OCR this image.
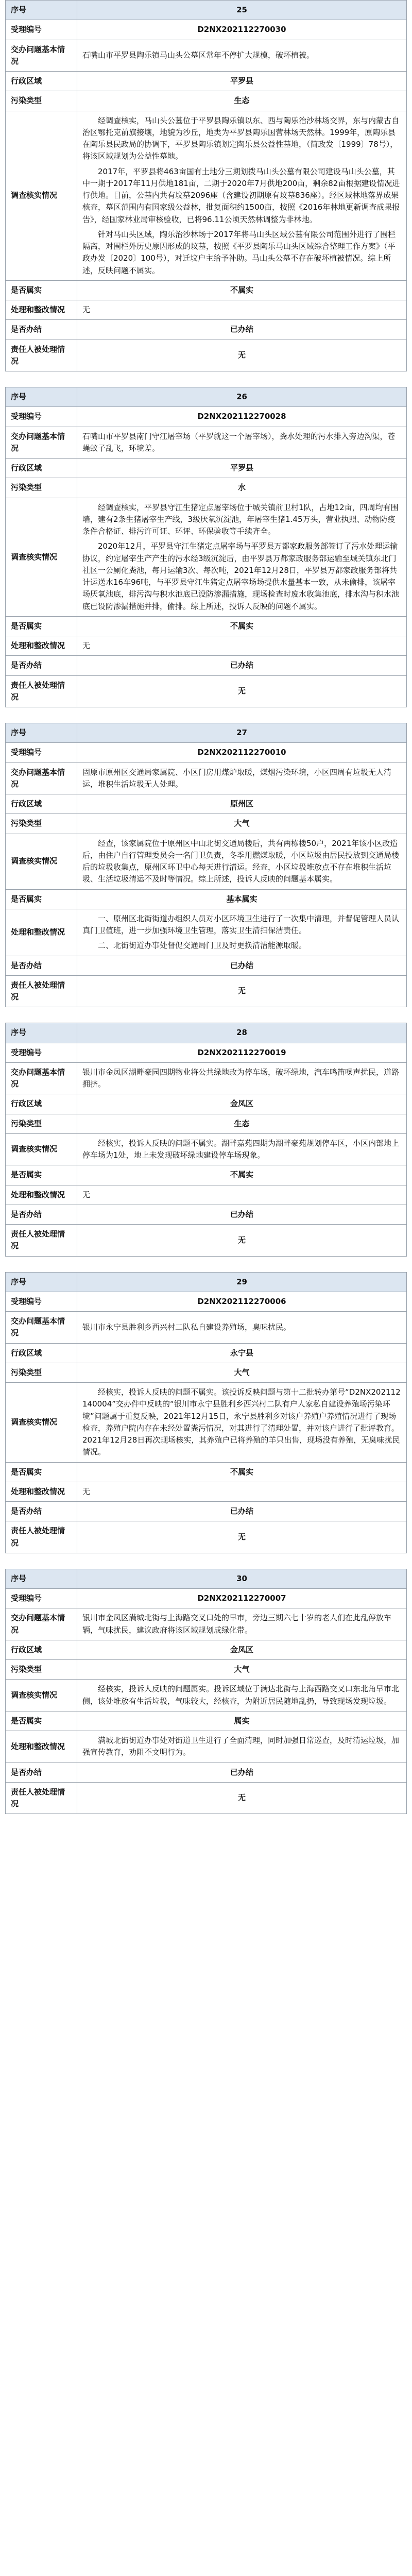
序号	25
受理编号	D2NX202112270030
交办问题基本情况	石嘴山市平罗县陶乐镇马山头公墓区常年不停扩大规模，破坏植被。
行政区域	平罗县
污染类型	生态
调查核实情况	经调查核实，马山头公墓位于平罗县陶乐镇以东、西与陶乐治沙林场交界，东与内蒙古自治区鄂托克前旗接壤，地貌为沙丘，地类为平罗县陶乐国营林场天然林。1999年，原陶乐县在陶乐县民政局的协调下，平罗县陶乐镇划定陶乐县公益性墓地，（简政发〔1999〕78号），将该区域规划为公益性墓地。

2017年，平罗县将463亩国有土地分三期划拨马山头公墓有限公司建设马山头公墓，其中一期于2017年11月供地181亩，二期于2020年7月供地200亩，剩余82亩根据建设情况进行供地。目前，公墓内共有坟墓2096座（含建设初期原有坟墓836座）。经区域林地落界成果核查，墓区范围内有国家级公益林，批复面积约1500亩，按照《2016年林地更新调查成果报告》，经国家林业局审核验收，已将96.11公顷天然林调整为非林地。

针对马山头区域，陶乐治沙林场于2017年将马山头区域公墓有限公司范围外进行了围栏隔离，对围栏外历史原因形成的坟墓，按照《平罗县陶乐马山头区域综合整理工作方案》（平政办发〔2020〕100号），对迁坟户主给予补助。马山头公墓不存在破坏植被情况。综上所述，反映问题不属实。

是否属实	不属实
处理和整改情况	无
是否办结	已办结
责任人被处理情况	无
序号	26
受理编号	D2NX202112270028
交办问题基本情况	石嘴山市平罗县南门守江屠宰场（平罗就这一个屠宰场），粪水处理的污水排入旁边沟渠，苍蝇蚊子乱飞，环境差。
行政区域	平罗县
污染类型	水
调查核实情况	经调查核实，平罗县守江生猪定点屠宰场位于城关镇前卫村1队，占地12亩，四周均有围墙，建有2条生猪屠宰生产线，3级厌氧沉淀池，年屠宰生猪1.45万头，营业执照、动物防疫条件合格证、排污许可证、环评、环保验收等手续齐全。

2020年12月，平罗县守江生猪定点屠宰场与平罗县万都家政服务部签订了污水处理运输协议，约定屠宰生产产生的污水经3级沉淀后，由平罗县万都家政服务部运输至城关镇东北门社区一公厕化粪池，每月运输3次、每次吨，2021年12月28日，平罗县万都家政服务部将共计运送水16车96吨，与平罗县守江生猪定点屠宰场场提供水量基本一致，从未偷排，该屠宰场厌氧池底，排污沟与积水池底已设防渗漏措施，现场检查时废水收集池底，排水沟与积水池底已设防渗漏措施并排，偷排。综上所述，投诉人反映的问题不属实。

是否属实	不属实
处理和整改情况	无
是否办结	已办结
责任人被处理情况	无
序号	27
受理编号	D2NX202112270010
交办问题基本情况	固原市原州区交通局家属院、小区门房用煤炉取暖，煤烟污染环境，小区四周有垃圾无人清运，堆积生活垃圾无人处理。
行政区域	原州区
污染类型	大气
调查核实情况	经查，该家属院位于原州区中山北街交通局楼后，共有两栋楼50户，2021年该小区改造后，由住户自行管理委员会一名门卫负责，冬季用燃煤取暖，小区垃圾由居民投放到交通局楼后的垃圾收集点，原州区环卫中心每天进行清运。经查，小区垃圾堆放点不存在堆积生活垃圾、生活垃圾清运不及时等情况。综上所述，投诉人反映的问题基本属实。

是否属实	基本属实
处理和整改情况	一、原州区北街街道办组织人员对小区环境卫生进行了一次集中清理，并督促管理人员认真门卫值班，进一步加强环境卫生管理，落实卫生清扫保洁责任。

二、北街街道办事处督促交通局门卫及时更换清洁能源取暖。

是否办结	已办结
责任人被处理情况	无
序号	28
受理编号	D2NX202112270019
交办问题基本情况	银川市金凤区湖畔豪园四期物业将公共绿地改为停车场，破坏绿地，汽车鸣笛噪声扰民，道路拥挤。
行政区域	金凤区
污染类型	生态
调查核实情况	经核实，投诉人反映的问题不属实。湖畔嘉苑四期为湖畔豪苑规划停车区，小区内部地上停车场为1处，地上未发现破坏绿地建设停车场现象。

是否属实	不属实
处理和整改情况	无
是否办结	已办结
责任人被处理情况	无
序号	29
受理编号	D2NX202112270006
交办问题基本情况	银川市永宁县胜利乡西兴村二队私自建设养殖场，臭味扰民。
行政区域	永宁县
污染类型	大气
调查核实情况	经核实，投诉人反映的问题不属实。该投诉反映问题与第十二批转办第号“D2NX202112140004”交办件中反映的“银川市永宁县胜利乡西兴村二队有户人家私自建设养殖场污染环境”问题属于重复反映，2021年12月15日，永宁县胜利乡对该户养殖户养殖情况进行了现场检查，养殖户院内存在未经处置粪污情况，对其进行了清理处置，并对该户进行了批评教育。2021年12月28日再次现场核实，其养殖户已将养殖的羊只出售，现场没有养殖，无臭味扰民情况。

是否属实	不属实
处理和整改情况	无
是否办结	已办结
责任人被处理情况	无
序号	30
受理编号	D2NX202112270007
交办问题基本情况	银川市金凤区满城北街与上海路交叉口处的早市，旁边三期六七十岁的老人们在此乱停放车辆，气味扰民，建议政府将该区域规划成绿化带。
行政区域	金凤区
污染类型	大气
调查核实情况	经核实，投诉人反映的问题属实。投诉区域位于满达北街与上海西路交叉口东北角早市北侧，该处堆放有生活垃圾，气味较大，经核查，为附近居民随地乱扔，导致现场发现垃圾。

是否属实	属实
处理和整改情况	满城北街街道办事处对街道卫生进行了全面清理，同时加强日常巡查，及时清运垃圾，加强宣传教育，劝阻不文明行为。

是否办结	已办结
责任人被处理情况	无
